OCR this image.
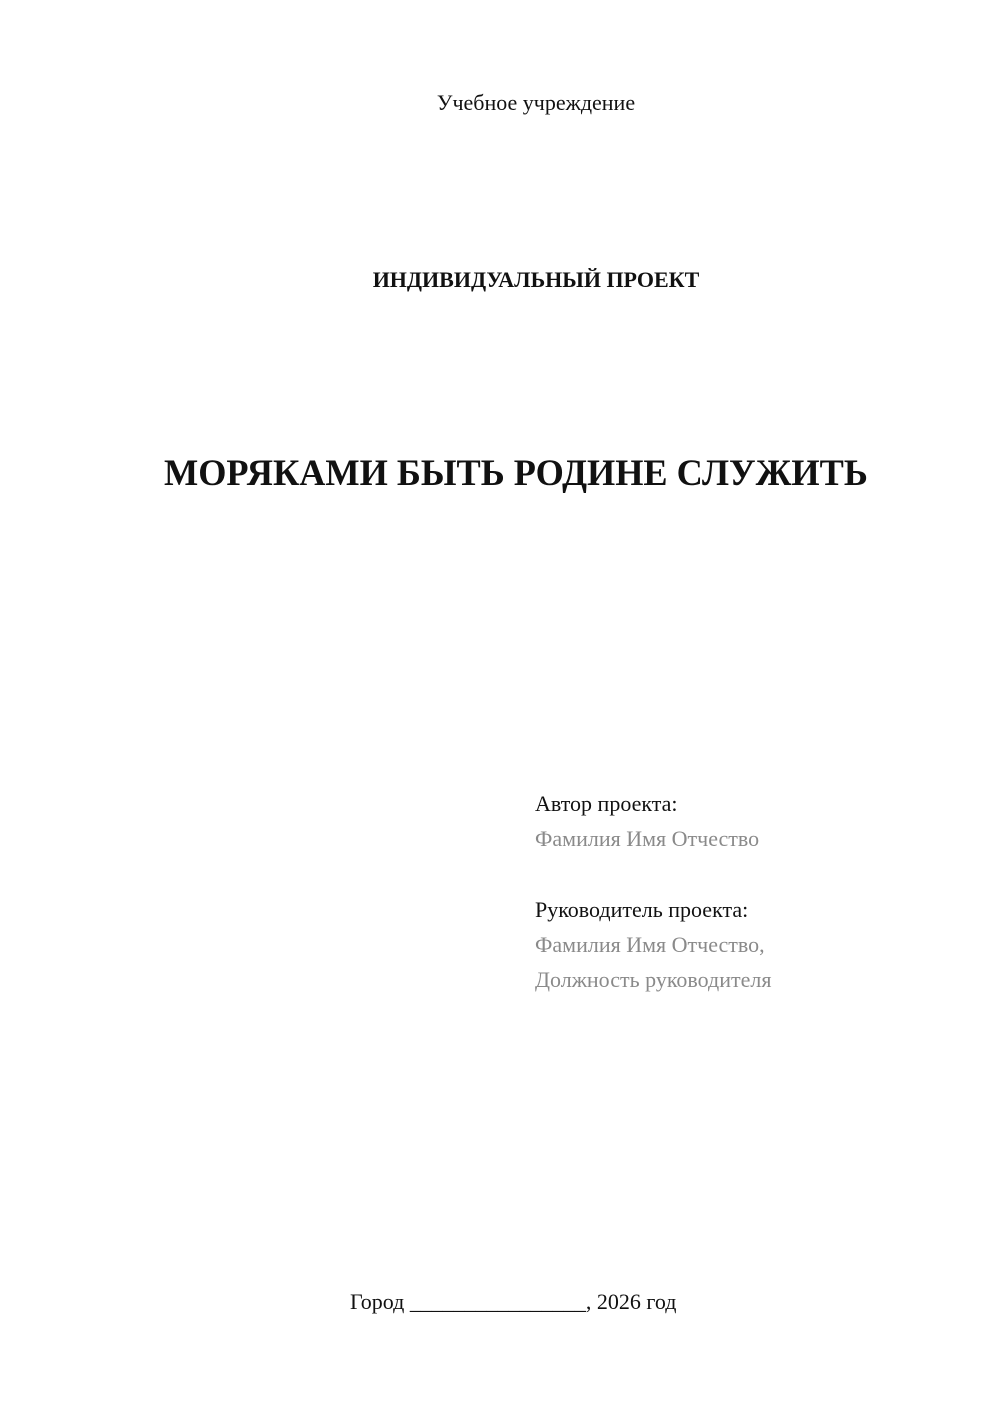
Учебное учреждение
ИНДИВИДУАЛЬНЫЙ ПРОЕКТ
МОРЯКАМИ БЫТЬ РОДИНЕ СЛУЖИТЬ
Автор проекта:
Фамилия Имя Отчество
Руководитель проекта:
Фамилия Имя Отчество,
Должность руководителя
Город ________________, 2026 год
